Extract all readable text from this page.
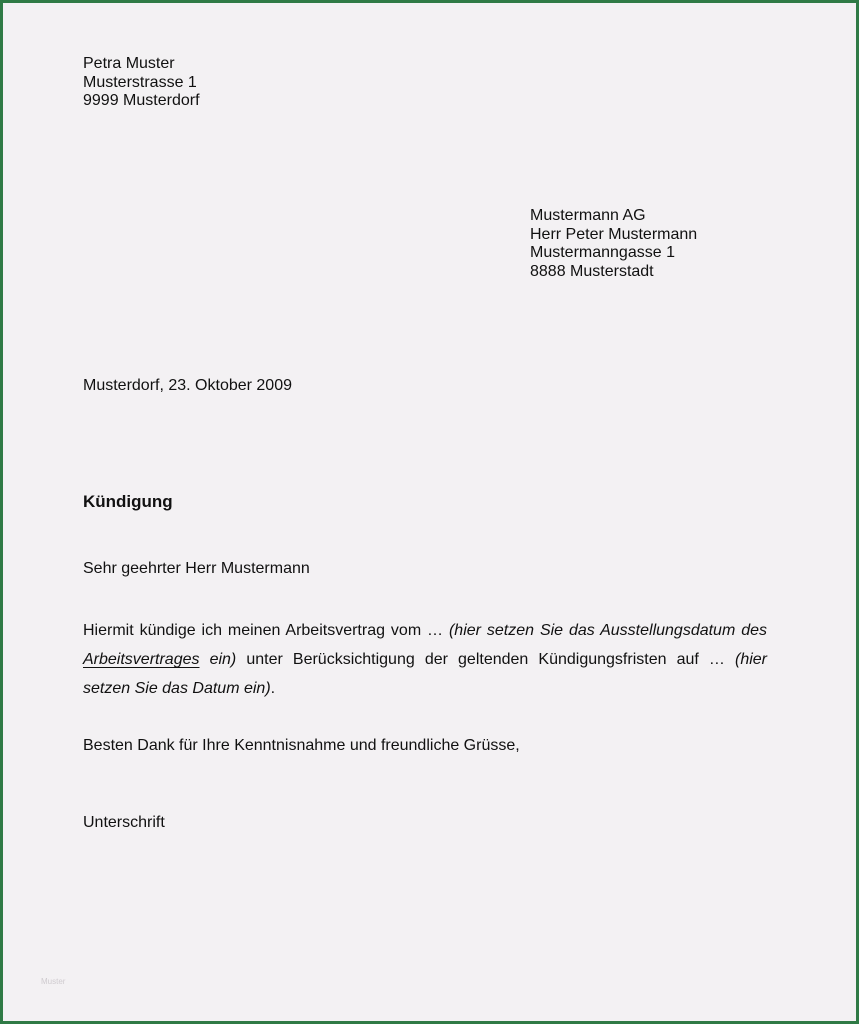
Petra Muster
Musterstrasse 1
9999 Musterdorf
Mustermann AG
Herr Peter Mustermann
Mustermanngasse 1
8888 Musterstadt
Musterdorf, 23. Oktober 2009
Kündigung
Sehr geehrter Herr Mustermann
Hiermit kündige ich meinen Arbeitsvertrag vom … (hier setzen Sie das Ausstellungsdatum des Arbeitsvertrages ein) unter Berücksichtigung der geltenden Kündigungsfristen auf … (hier setzen Sie das Datum ein).
Besten Dank für Ihre Kenntnisnahme und freundliche Grüsse,
Unterschrift
Muster
